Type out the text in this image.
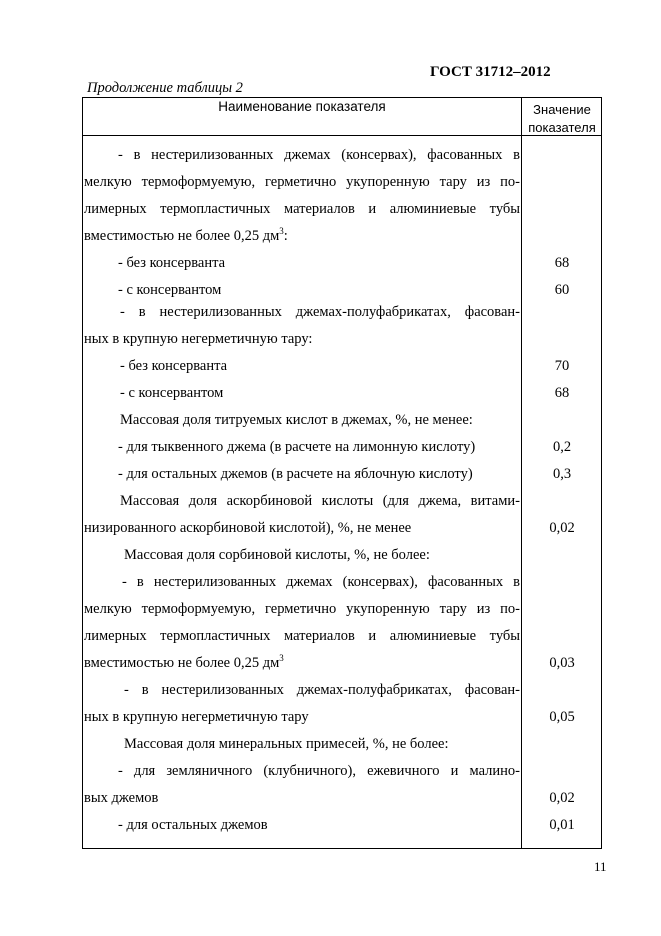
ГОСТ 31712–2012
Продолжение таблицы 2
Наименование показателя	Значение
показателя
- в нестерилизованных джемах (консервах), фасованных в
мелкую термоформуемую, герметично укупоренную тару из по-
лимерных термопластичных материалов и алюминиевые тубы
вместимостью не более 0,25 $дм^3$:
- без консерванта
- с консервантом
- в нестерилизованных джемах-полуфабрикатах, фасован-
ных в крупную негерметичную тару:
- без консерванта
- с консервантом
Массовая доля титруемых кислот в джемах, %, не менее:
- для тыквенного джема (в расчете на лимонную кислоту)
- для остальных джемов (в расчете на яблочную кислоту)
Массовая доля аскорбиновой кислоты (для джема, витами-
низированного аскорбиновой кислотой), %, не менее
Массовая доля сорбиновой кислоты, %, не более:
- в нестерилизованных джемах (консервах), фасованных в
мелкую термоформуемую, герметично укупоренную тару из по-
лимерных термопластичных материалов и алюминиевые тубы
вместимостью не более 0,25 $дм^3$
- в нестерилизованных джемах-полуфабрикатах, фасован-
ных в крупную негерметичную тару
Массовая доля минеральных примесей, %, не более:
- для земляничного (клубничного), ежевичного и малино-
вых джемов
- для остальных джемов
68
60
70
68
0,2
0,3
0,02
0,03
0,05
0,02
0,01
11
